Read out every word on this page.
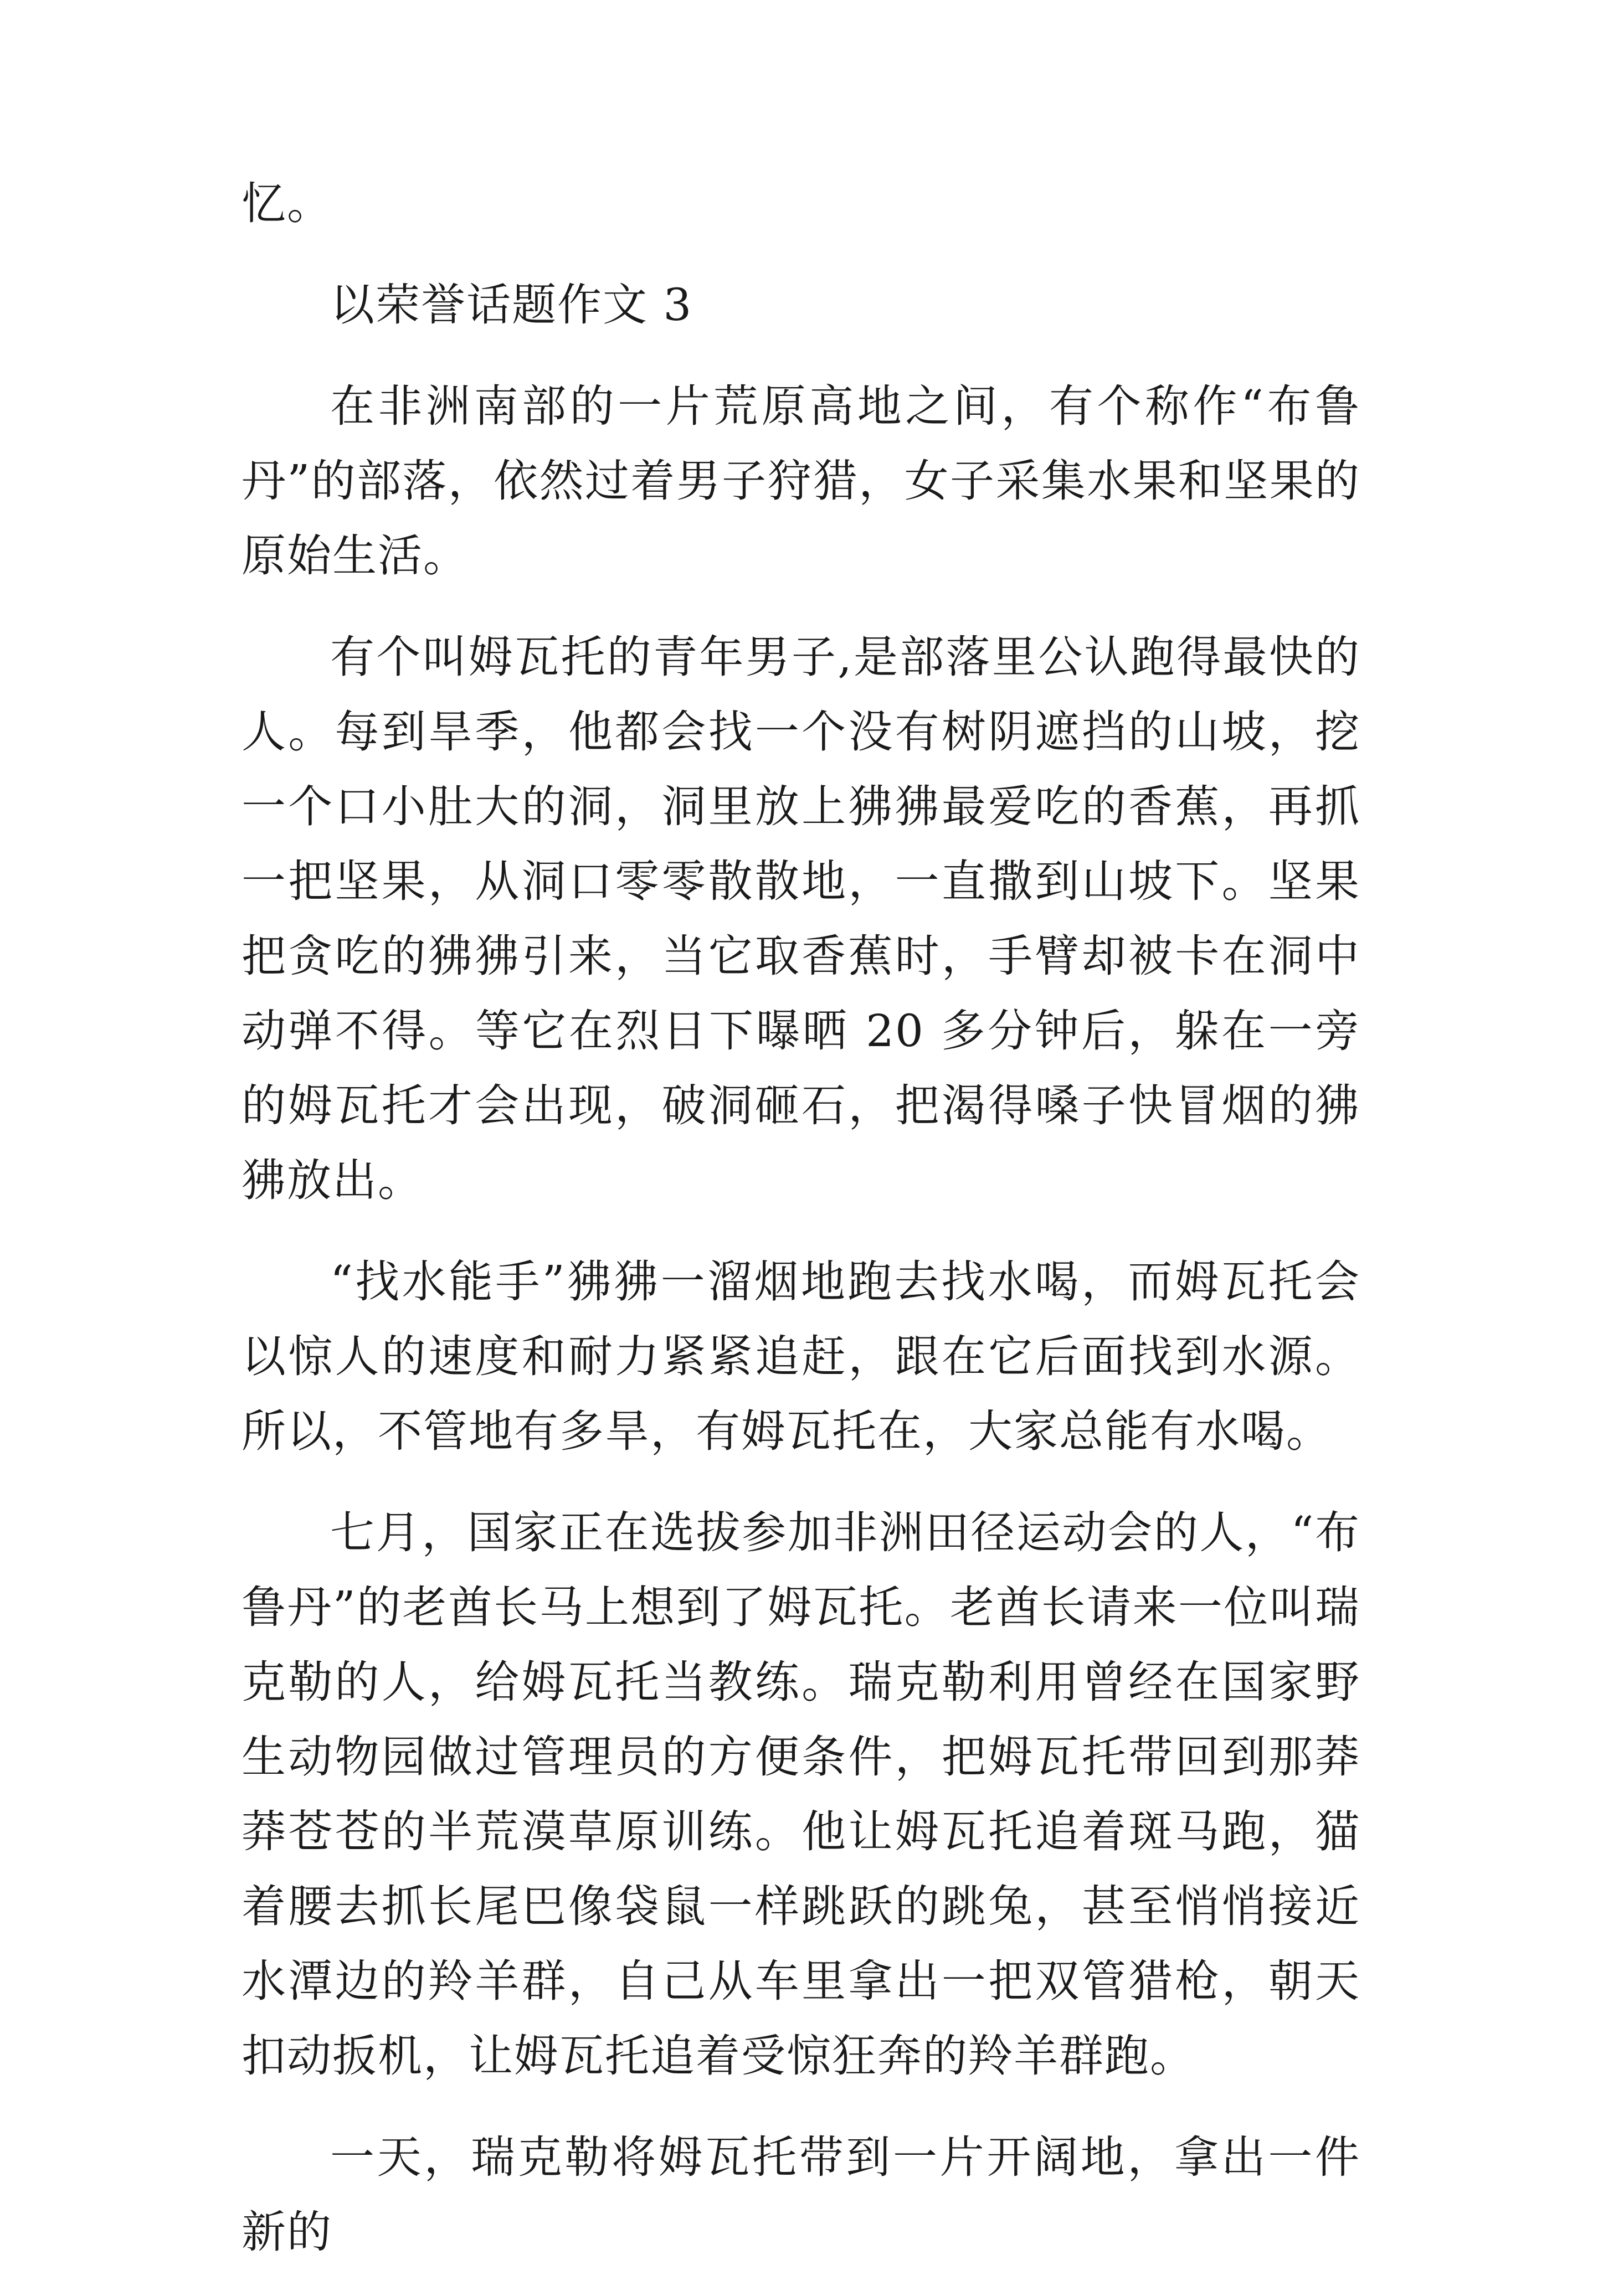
忆。

以荣誉话题作文 3

在非洲南部的一片荒原高地之间，有个称作“布鲁丹”的部落，依然过着男子狩猎，女子采集水果和坚果的原始生活。

有个叫姆瓦托的青年男子,是部落里公认跑得最快的人。每到旱季，他都会找一个没有树阴遮挡的山坡，挖一个口小肚大的洞，洞里放上狒狒最爱吃的香蕉，再抓一把坚果，从洞口零零散散地，一直撒到山坡下。坚果把贪吃的狒狒引来，当它取香蕉时，手臂却被卡在洞中动弹不得。等它在烈日下曝晒 20 多分钟后，躲在一旁的姆瓦托才会出现，破洞砸石，把渴得嗓子快冒烟的狒狒放出。

“找水能手”狒狒一溜烟地跑去找水喝，而姆瓦托会以惊人的速度和耐力紧紧追赶，跟在它后面找到水源。所以，不管地有多旱，有姆瓦托在，大家总能有水喝。

七月，国家正在选拔参加非洲田径运动会的人，“布鲁丹”的老酋长马上想到了姆瓦托。老酋长请来一位叫瑞克勒的人，给姆瓦托当教练。瑞克勒利用曾经在国家野生动物园做过管理员的方便条件，把姆瓦托带回到那莽莽苍苍的半荒漠草原训练。他让姆瓦托追着斑马跑，猫着腰去抓长尾巴像袋鼠一样跳跃的跳兔，甚至悄悄接近水潭边的羚羊群，自己从车里拿出一把双管猎枪，朝天扣动扳机，让姆瓦托追着受惊狂奔的羚羊群跑。

一天，瑞克勒将姆瓦托带到一片开阔地，拿出一件新的
